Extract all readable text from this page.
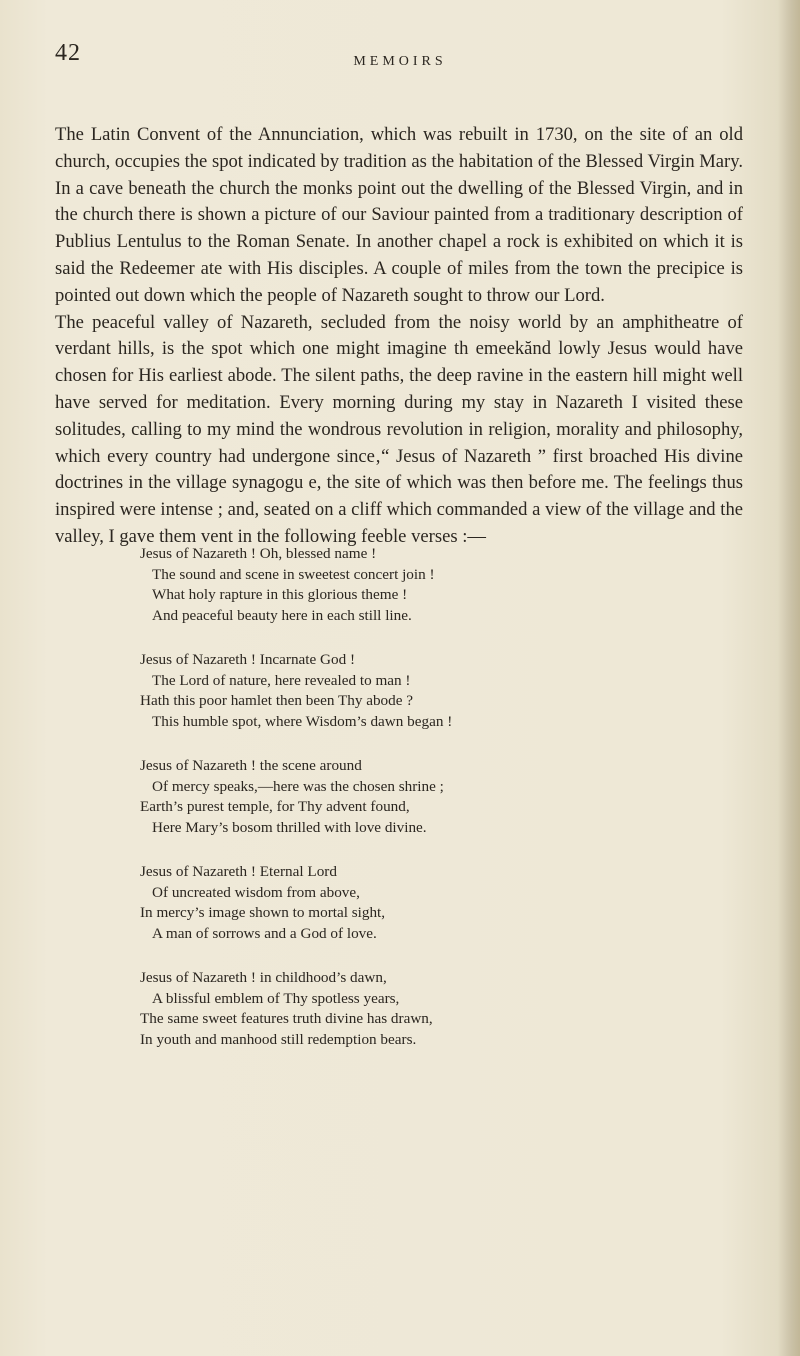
42	MEMOIRS

The Latin Convent of the Annunciation, which was rebuilt in 1730, on the site of an old church, occupies the spot indicated by tradition as the habitation of the Blessed Virgin Mary. In a cave beneath the church the monks point out the dwelling of the Blessed Virgin, and in the church there is shown a picture of our Saviour painted from a traditionary description of Publius Lentulus to the Roman Senate. In another chapel a rock is exhibited on which it is said the Redeemer ate with His disciples. A couple of miles from the town the precipice is pointed out down which the people of Nazareth sought to throw our Lord.

The peaceful valley of Nazareth, secluded from the noisy world by an amphitheatre of verdant hills, is the spot which one might imagine th emeekănd lowly Jesus would have chosen for His earliest abode. The silent paths, the deep ravine in the eastern hill might well have served for meditation. Every morning during my stay in Nazareth I visited these solitudes, calling to my mind the wondrous revolution in religion, morality and philosophy, which every country had undergone since‚“ Jesus of Nazareth ” first broached His divine doctrines in the village synagogu e, the site of which was then before me. The feelings thus inspired were intense ; and, seated on a cliff which commanded a view of the village and the valley, I gave them vent in the following feeble verses :—

Jesus of Nazareth ! Oh, blessed name !
The sound and scene in sweetest concert join !
What holy rapture in this glorious theme !
And peaceful beauty here in each still line.
Jesus of Nazareth ! Incarnate God !
The Lord of nature, here revealed to man !
Hath this poor hamlet then been Thy abode ?
This humble spot, where Wisdom’s dawn began !
Jesus of Nazareth ! the scene around
Of mercy speaks,—here was the chosen shrine ;
Earth’s purest temple, for Thy advent found,
Here Mary’s bosom thrilled with love divine.
Jesus of Nazareth ! Eternal Lord
Of uncreated wisdom from above,
In mercy’s image shown to mortal sight,
A man of sorrows and a God of love.
Jesus of Nazareth ! in childhood’s dawn,
A blissful emblem of Thy spotless years,
The same sweet features truth divine has drawn,
In youth and manhood still redemption bears.
